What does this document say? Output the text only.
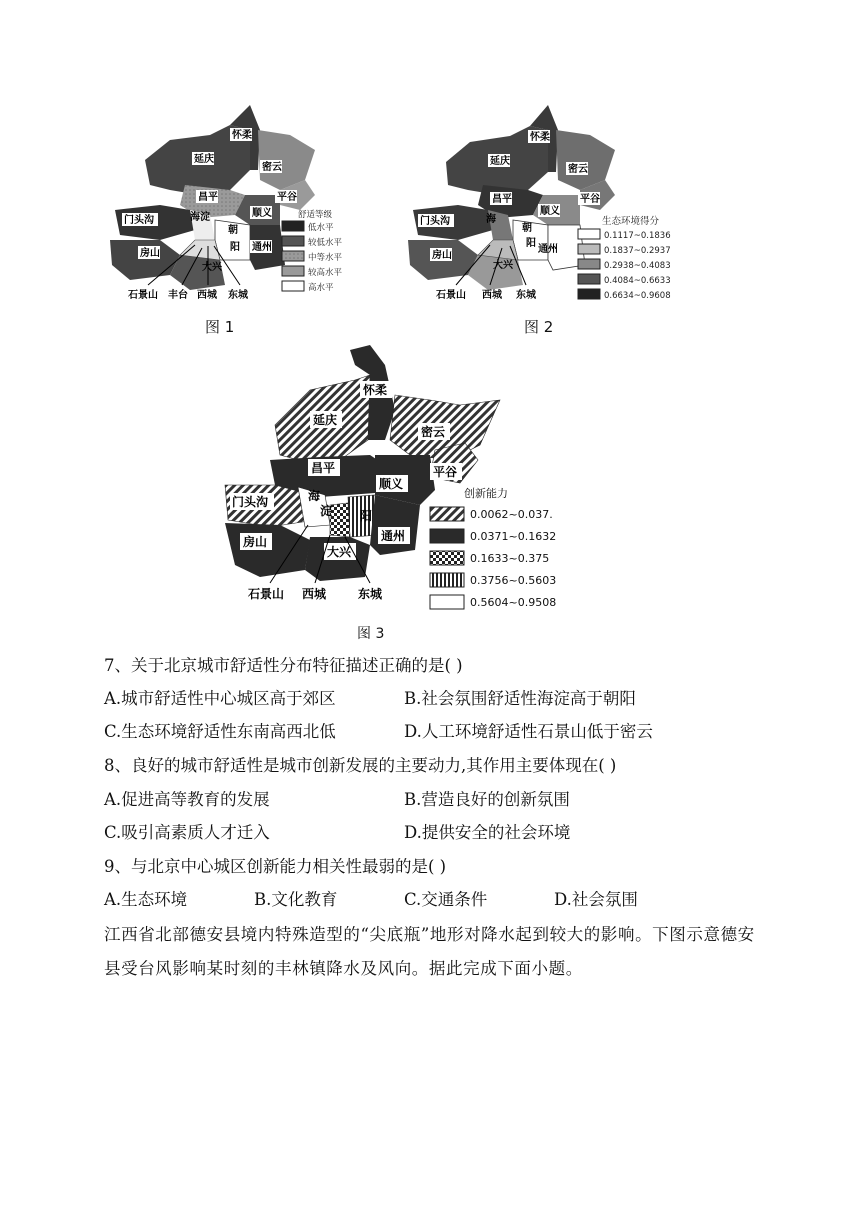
怀柔
延庆
密云
昌平	平谷
顺义
海淀
门头沟
朝
阳
房山
通州
大兴
石景山 丰台 西城 东城
舒适等级
低水平
较低水平
中等水平
较高水平
高水平
图 1
怀柔
延庆
密云
昌平	平谷
顺义
海
门头沟
朝
阳
房山
通州
大兴
石景山 西城 东城
生态环境得分
0.1117~0.1836
0.1837~0.2937
0.2938~0.4083
0.4084~0.6633
0.6634~0.9608
图 2
怀柔
延庆
密云
昌平	平谷
顺义
海
淀
门头沟
阳
房山	通州
大兴
石景山 西城	东城
创新能力
0.0062~0.037.
0.0371~0.1632
0.1633~0.375
0.3756~0.5603
0.5604~0.9508
图 3
7、关于北京城市舒适性分布特征描述正确的是( )
A.城市舒适性中心城区高于郊区	B.社会氛围舒适性海淀高于朝阳
C.生态环境舒适性东南高西北低	D.人工环境舒适性石景山低于密云
8、良好的城市舒适性是城市创新发展的主要动力,其作用主要体现在( )
A.促进高等教育的发展	B.营造良好的创新氛围
C.吸引高素质人才迁入	D.提供安全的社会环境
9、与北京中心城区创新能力相关性最弱的是( )
A.生态环境	B.文化教育	C.交通条件	D.社会氛围
江西省北部德安县境内特殊造型的“尖底瓶”地形对降水起到较大的影响。下图示意德安县受台风影响某时刻的丰林镇降水及风向。据此完成下面小题。
